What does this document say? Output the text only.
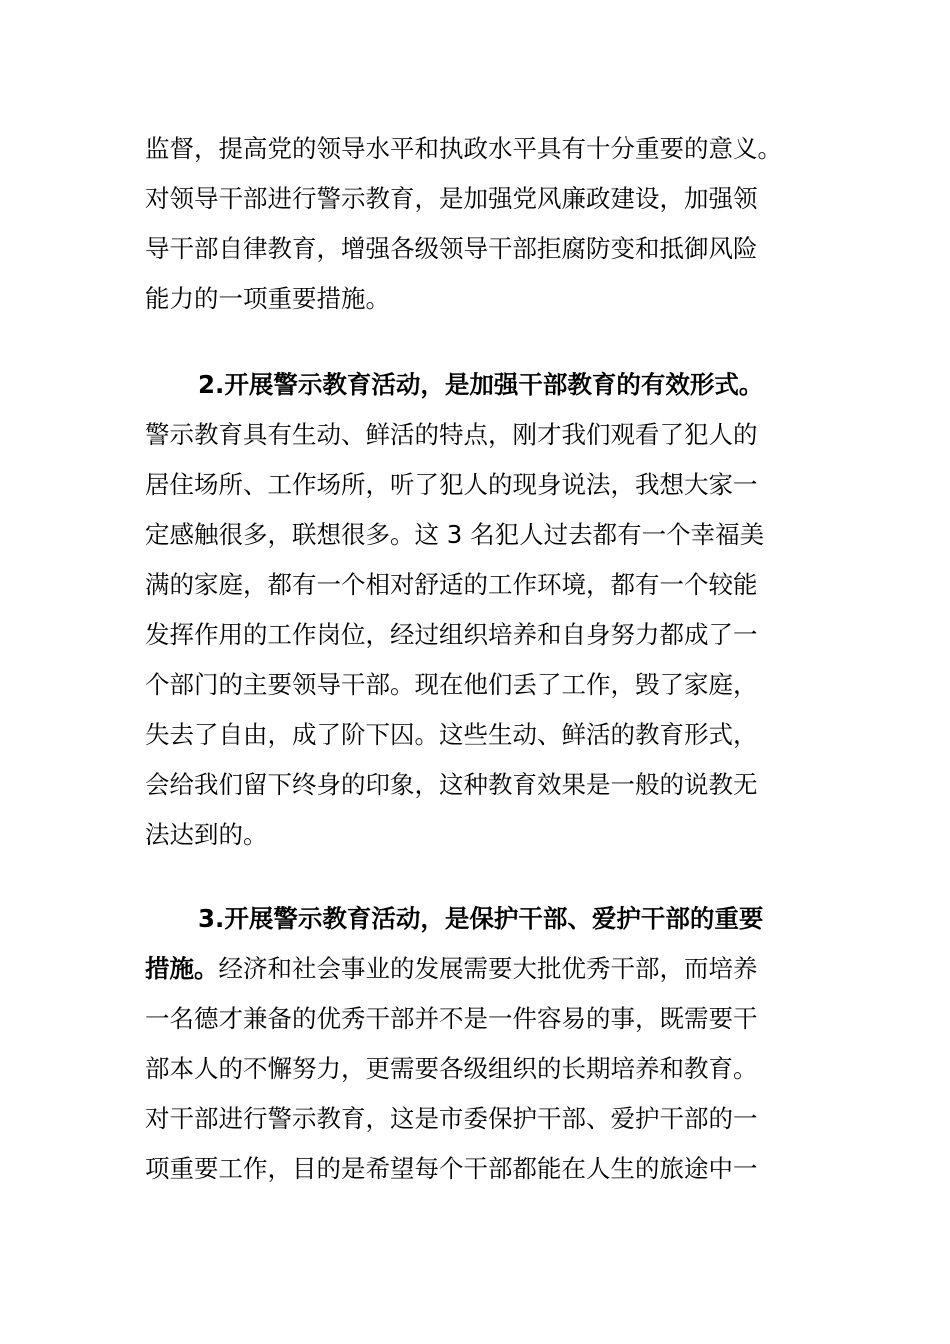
监督，提高党的领导水平和执政水平具有十分重要的意义。
对领导干部进行警示教育，是加强党风廉政建设，加强领
导干部自律教育，增强各级领导干部拒腐防变和抵御风险
能力的一项重要措施。
2.开展警示教育活动，是加强干部教育的有效形式。
警示教育具有生动、鲜活的特点，刚才我们观看了犯人的
居住场所、工作场所，听了犯人的现身说法，我想大家一
定感触很多，联想很多。这 3 名犯人过去都有一个幸福美
满的家庭，都有一个相对舒适的工作环境，都有一个较能
发挥作用的工作岗位，经过组织培养和自身努力都成了一
个部门的主要领导干部。现在他们丢了工作，毁了家庭，
失去了自由，成了阶下囚。这些生动、鲜活的教育形式，
会给我们留下终身的印象，这种教育效果是一般的说教无
法达到的。
3.开展警示教育活动，是保护干部、爱护干部的重要
措施。经济和社会事业的发展需要大批优秀干部，而培养
一名德才兼备的优秀干部并不是一件容易的事，既需要干
部本人的不懈努力，更需要各级组织的长期培养和教育。
对干部进行警示教育，这是市委保护干部、爱护干部的一
项重要工作，目的是希望每个干部都能在人生的旅途中一
